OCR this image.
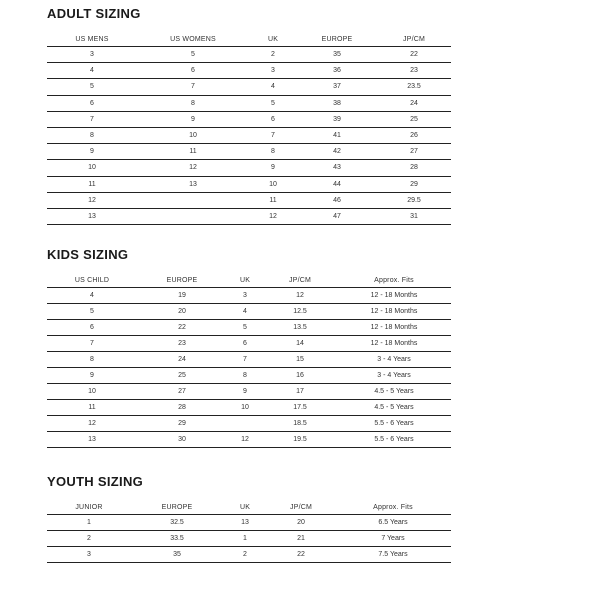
ADULT SIZING
US MENS	US WOMENS	UK	EUROPE	JP/CM
3	5	2	35	22
4	6	3	36	23
5	7	4	37	23.5
6	8	5	38	24
7	9	6	39	25
8	10	7	41	26
9	11	8	42	27
10	12	9	43	28
11	13	10	44	29
12		11	46	29.5
13		12	47	31
KIDS SIZING
US CHILD	EUROPE	UK	JP/CM	Approx. Fits
4	19	3	12	12 - 18 Months
5	20	4	12.5	12 - 18 Months
6	22	5	13.5	12 - 18 Months
7	23	6	14	12 - 18 Months
8	24	7	15	3 - 4 Years
9	25	8	16	3 - 4 Years
10	27	9	17	4.5 - 5 Years
11	28	10	17.5	4.5 - 5 Years
12	29		18.5	5.5 - 6 Years
13	30	12	19.5	5.5 - 6 Years
YOUTH SIZING
JUNIOR	EUROPE	UK	JP/CM	Approx. Fits
1	32.5	13	20	6.5 Years
2	33.5	1	21	7 Years
3	35	2	22	7.5 Years
